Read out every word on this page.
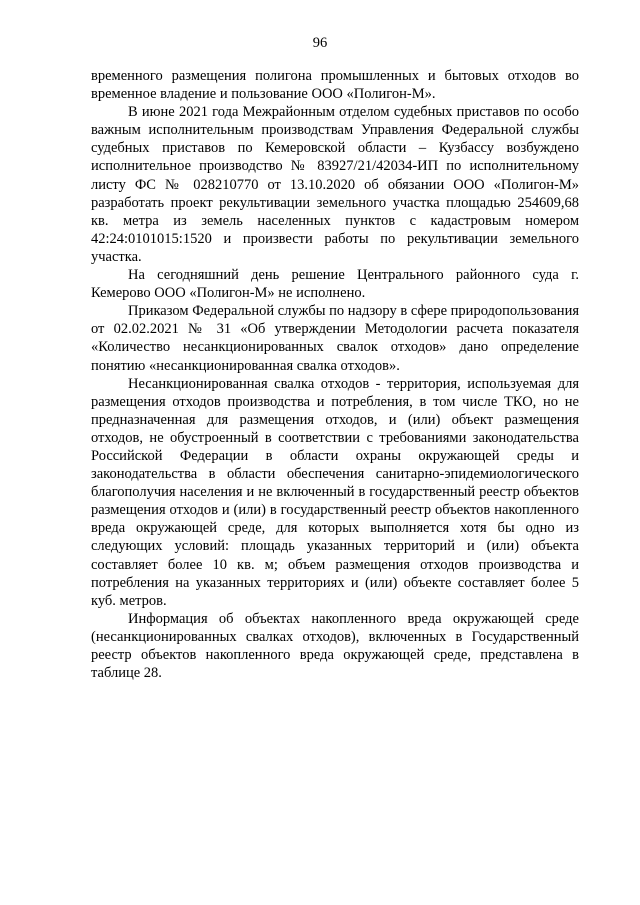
96

временного размещения полигона промышленных и бытовых отходов во временное владение и пользование ООО «Полигон-М».

В июне 2021 года Межрайонным отделом судебных приставов по особо важным исполнительным производствам Управления Федеральной службы судебных приставов по Кемеровской области – Кузбассу возбуждено исполнительное производство № 83927/21/42034-ИП по исполнительному листу ФС № 028210770 от 13.10.2020 об обязании ООО «Полигон-М» разработать проект рекультивации земельного участка площадью 254609,68 кв. метра из земель населенных пунктов с кадастровым номером 42:24:0101015:1520 и произвести работы по рекультивации земельного участка.

На сегодняшний день решение Центрального районного суда г. Кемерово ООО «Полигон-М» не исполнено.

Приказом Федеральной службы по надзору в сфере природопользования от 02.02.2021 № 31 «Об утверждении Методологии расчета показателя «Количество несанкционированных свалок отходов» дано определение понятию «несанкционированная свалка отходов».

Несанкционированная свалка отходов - территория, используемая для размещения отходов производства и потребления, в том числе ТКО, но не предназначенная для размещения отходов, и (или) объект размещения отходов, не обустроенный в соответствии с требованиями законодательства Российской Федерации в области охраны окружающей среды и законодательства в области обеспечения санитарно-эпидемиологического благополучия населения и не включенный в государственный реестр объектов размещения отходов и (или) в государственный реестр объектов накопленного вреда окружающей среде, для которых выполняется хотя бы одно из следующих условий: площадь указанных территорий и (или) объекта составляет более 10 кв. м; объем размещения отходов производства и потребления на указанных территориях и (или) объекте составляет более 5 куб. метров.

Информация об объектах накопленного вреда окружающей среде (несанкционированных свалках отходов), включенных в Государственный реестр объектов накопленного вреда окружающей среде, представлена в таблице 28.
